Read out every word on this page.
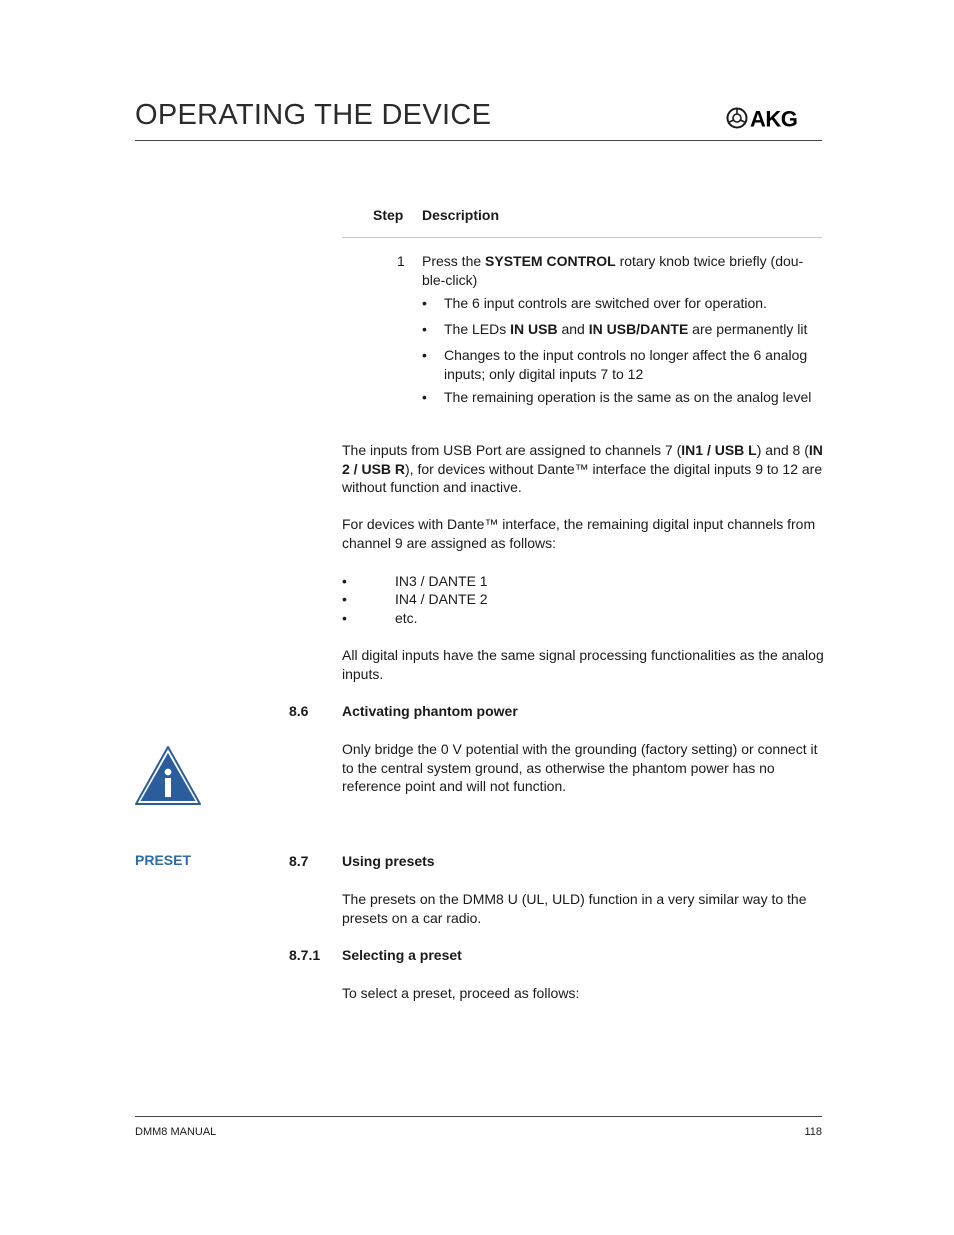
OPERATING THE DEVICE	AKG
Step Description
1 Press the SYSTEM CONTROL rotary knob twice briefly (dou-
ble-click)
• The 6 input controls are switched over for operation.
• The LEDs IN USB and IN USB/DANTE are permanently lit
• Changes to the input controls no longer affect the 6 analog inputs; only digital inputs 7 to 12
• The remaining operation is the same as on the analog level
The inputs from USB Port are assigned to channels 7 (IN1 / USB L) and 8 (IN 2 / USB R), for devices without Dante™ interface the digital inputs 9 to 12 are without function and inactive.
For devices with Dante™ interface, the remaining digital input channels from channel 9 are assigned as follows:
•	IN3 / DANTE 1
•	IN4 / DANTE 2
•	etc.
All digital inputs have the same signal processing functionalities as the analog inputs.
8.6 Activating phantom power
Only bridge the 0 V potential with the grounding (factory setting) or connect it to the central system ground, as otherwise the phantom power has no reference point and will not function.
PRESET	8.7 Using presets
The presets on the DMM8 U (UL, ULD) function in a very similar way to the presets on a car radio.
8.7.1 Selecting a preset
To select a preset, proceed as follows:
DMM8 MANUAL	118
